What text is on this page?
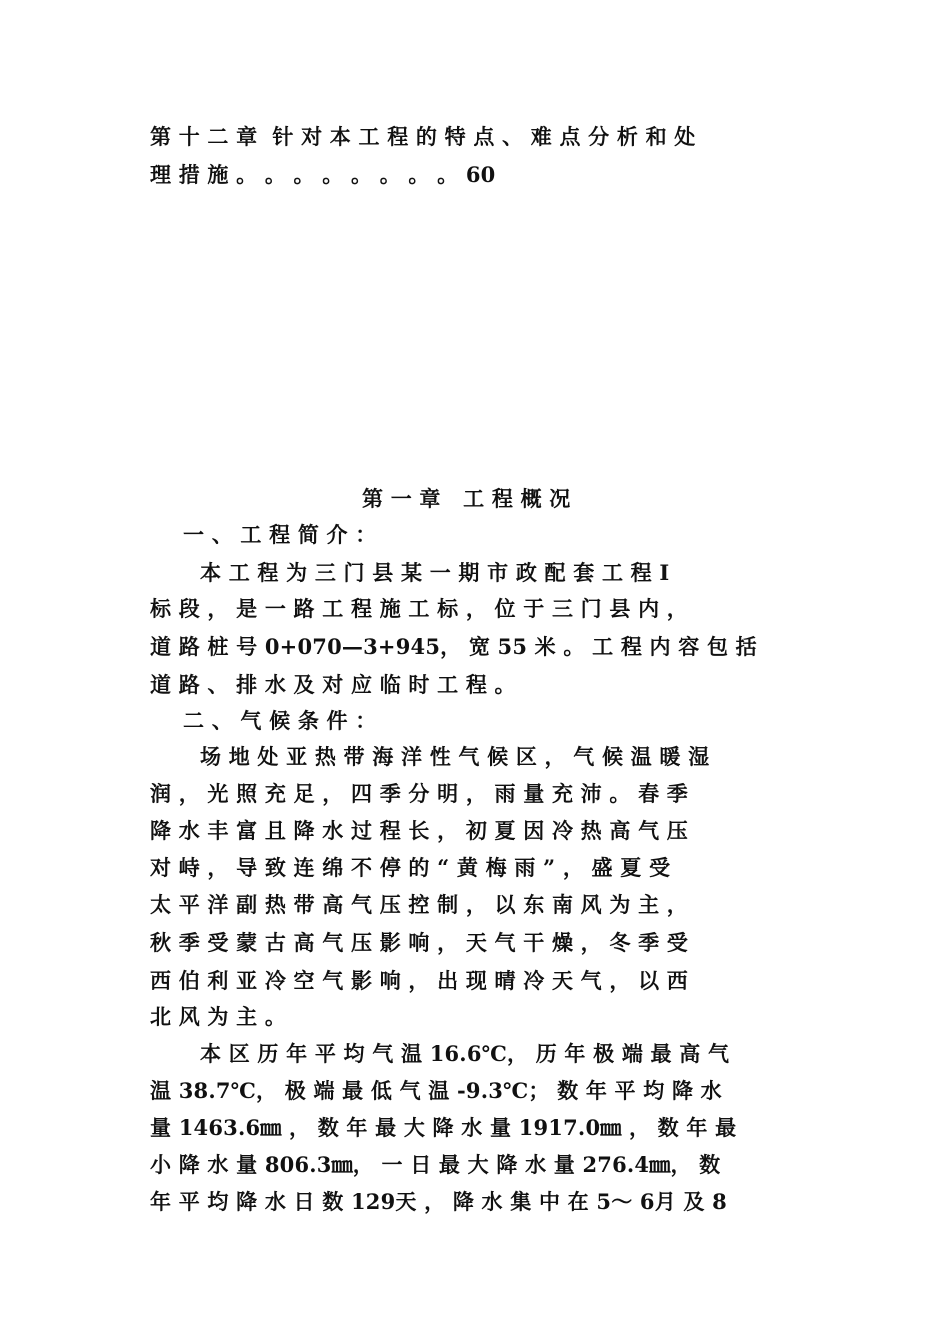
第 十 二 章  针 对 本 工 程 的 特 点 、 难 点 分 析 和 处
理 措 施 。 。 。 。 。 。 。 。 60
第 一 章   工 程 概 况
一 、 工 程 简 介 ：
本 工 程 为 三 门 县 某 一 期 市 政 配 套 工 程 Ⅰ
标 段 ， 是 一 路 工 程 施 工 标 ， 位 于 三 门 县 内 ，
道 路 桩 号 0+070—3+945， 宽 55 米 。 工 程 内 容 包 括
道 路 、 排 水 及 对 应 临 时 工 程 。
二 、 气 候 条 件 ：
场 地 处 亚 热 带 海 洋 性 气 候 区 ， 气 候 温 暖 湿
润 ， 光 照 充 足 ， 四 季 分 明 ， 雨 量 充 沛 。 春 季
降 水 丰 富 且 降 水 过 程 长 ， 初 夏 因 冷 热 高 气 压
对 峙 ， 导 致 连 绵 不 停 的 “ 黄 梅 雨 ” ， 盛 夏 受
太 平 洋 副 热 带 高 气 压 控 制 ， 以 东 南 风 为 主 ，
秋 季 受 蒙 古 高 气 压 影 响 ， 天 气 干 燥 ， 冬 季 受
西 伯 利 亚 冷 空 气 影 响 ， 出 现 晴 冷 天 气 ， 以 西
北 风 为 主 。
本 区 历 年 平 均 气 温 16.6℃， 历 年 极 端 最 高 气
温 38.7℃， 极 端 最 低 气 温 -9.3℃； 数 年 平 均 降 水
量 1463.6㎜ ， 数 年 最 大 降 水 量 1917.0㎜ ， 数 年 最
小 降 水 量 806.3㎜， 一 日 最 大 降 水 量 276.4㎜， 数
年 平 均 降 水 日 数 129天 ， 降 水 集 中 在 5～ 6月 及 8
